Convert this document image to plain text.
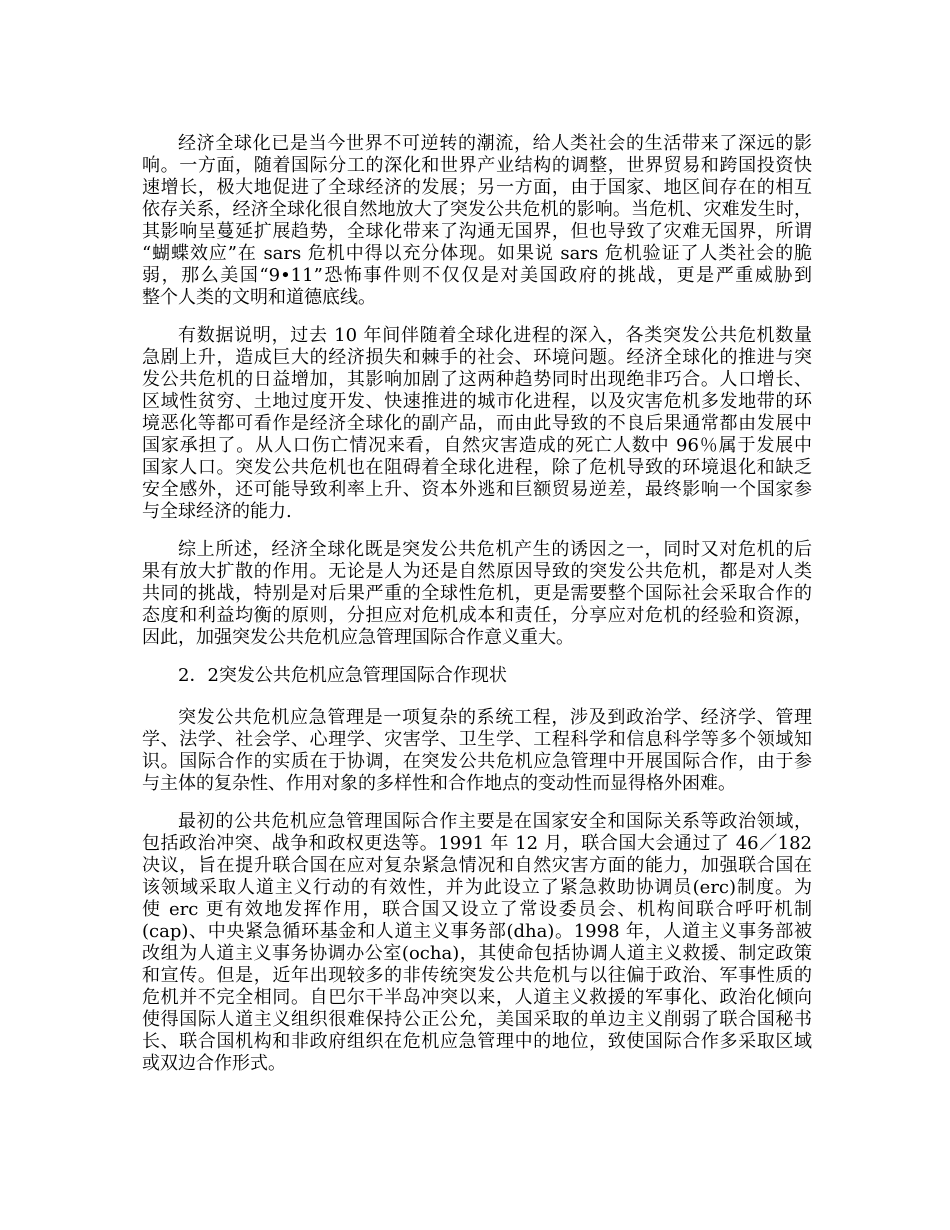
经济全球化已是当今世界不可逆转的潮流，给人类社会的生活带来了深远的影
响。一方面，随着国际分工的深化和世界产业结构的调整，世界贸易和跨国投资快
速增长，极大地促进了全球经济的发展；另一方面，由于国家、地区间存在的相互
依存关系，经济全球化很自然地放大了突发公共危机的影响。当危机、灾难发生时，
其影响呈蔓延扩展趋势，全球化带来了沟通无国界，但也导致了灾难无国界，所谓
“蝴蝶效应”在 sars 危机中得以充分体现。如果说 sars 危机验证了人类社会的脆
弱，那么美国“9•11”恐怖事件则不仅仅是对美国政府的挑战，更是严重威胁到
整个人类的文明和道德底线。
有数据说明，过去 10 年间伴随着全球化进程的深入，各类突发公共危机数量
急剧上升，造成巨大的经济损失和棘手的社会、环境问题。经济全球化的推进与突
发公共危机的日益增加，其影响加剧了这两种趋势同时出现绝非巧合。人口增长、
区域性贫穷、土地过度开发、快速推进的城市化进程，以及灾害危机多发地带的环
境恶化等都可看作是经济全球化的副产品，而由此导致的不良后果通常都由发展中
国家承担了。从人口伤亡情况来看，自然灾害造成的死亡人数中 96％属于发展中
国家人口。突发公共危机也在阻碍着全球化进程，除了危机导致的环境退化和缺乏
安全感外，还可能导致利率上升、资本外逃和巨额贸易逆差，最终影响一个国家参
与全球经济的能力.
综上所述，经济全球化既是突发公共危机产生的诱因之一，同时又对危机的后
果有放大扩散的作用。无论是人为还是自然原因导致的突发公共危机，都是对人类
共同的挑战，特别是对后果严重的全球性危机，更是需要整个国际社会采取合作的
态度和利益均衡的原则，分担应对危机成本和责任，分享应对危机的经验和资源，
因此，加强突发公共危机应急管理国际合作意义重大。
2．2突发公共危机应急管理国际合作现状
突发公共危机应急管理是一项复杂的系统工程，涉及到政治学、经济学、管理
学、法学、社会学、心理学、灾害学、卫生学、工程科学和信息科学等多个领域知
识。国际合作的实质在于协调，在突发公共危机应急管理中开展国际合作，由于参
与主体的复杂性、作用对象的多样性和合作地点的变动性而显得格外困难。
最初的公共危机应急管理国际合作主要是在国家安全和国际关系等政治领域，
包括政治冲突、战争和政权更迭等。1991 年 12 月，联合国大会通过了 46／182
决议，旨在提升联合国在应对复杂紧急情况和自然灾害方面的能力，加强联合国在
该领域采取人道主义行动的有效性，并为此设立了紧急救助协调员(erc)制度。为
使 erc 更有效地发挥作用，联合国又设立了常设委员会、机构间联合呼吁机制
(cap)、中央紧急循环基金和人道主义事务部(dha)。1998 年，人道主义事务部被
改组为人道主义事务协调办公室(ocha)，其使命包括协调人道主义救援、制定政策
和宣传。但是，近年出现较多的非传统突发公共危机与以往偏于政治、军事性质的
危机并不完全相同。自巴尔干半岛冲突以来，人道主义救援的军事化、政治化倾向
使得国际人道主义组织很难保持公正公允，美国采取的单边主义削弱了联合国秘书
长、联合国机构和非政府组织在危机应急管理中的地位，致使国际合作多采取区域
或双边合作形式。
